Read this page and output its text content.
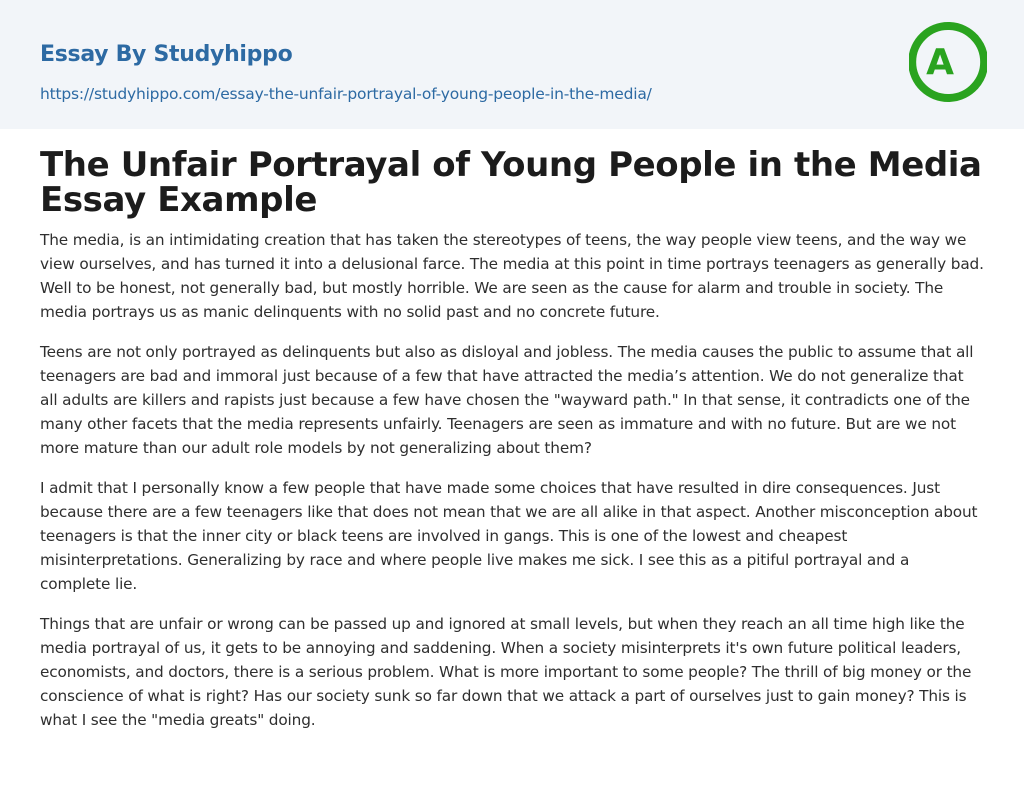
Essay By Studyhippo
https://studyhippo.com/essay-the-unfair-portrayal-of-young-people-in-the-media/
A
The Unfair Portrayal of Young People in the Media Essay Example

The media, is an intimidating creation that has taken the stereotypes of teens, the way people view teens, and the way we view ourselves, and has turned it into a delusional farce. The media at this point in time portrays teenagers as generally bad. Well to be honest, not generally bad, but mostly horrible. We are seen as the cause for alarm and trouble in society. The media portrays us as manic delinquents with no solid past and no concrete future.

Teens are not only portrayed as delinquents but also as disloyal and jobless. The media causes the public to assume that all teenagers are bad and immoral just because of a few that have attracted the media’s attention. We do not generalize that all adults are killers and rapists just because a few have chosen the "wayward path." In that sense, it contradicts one of the many other facets that the media represents unfairly. Teenagers are seen as immature and with no future. But are we not more mature than our adult role models by not generalizing about them?

I admit that I personally know a few people that have made some choices that have resulted in dire consequences. Just because there are a few teenagers like that does not mean that we are all alike in that aspect. Another misconception about teenagers is that the inner city or black teens are involved in gangs. This is one of the lowest and cheapest misinterpretations. Generalizing by race and where people live makes me sick. I see this as a pitiful portrayal and a complete lie.

Things that are unfair or wrong can be passed up and ignored at small levels, but when they reach an all time high like the media portrayal of us, it gets to be annoying and saddening. When a society misinterprets it's own future political leaders, economists, and doctors, there is a serious problem. What is more important to some people? The thrill of big money or the conscience of what is right? Has our society sunk so far down that we attack a part of ourselves just to gain money? This is what I see the "media greats" doing.
